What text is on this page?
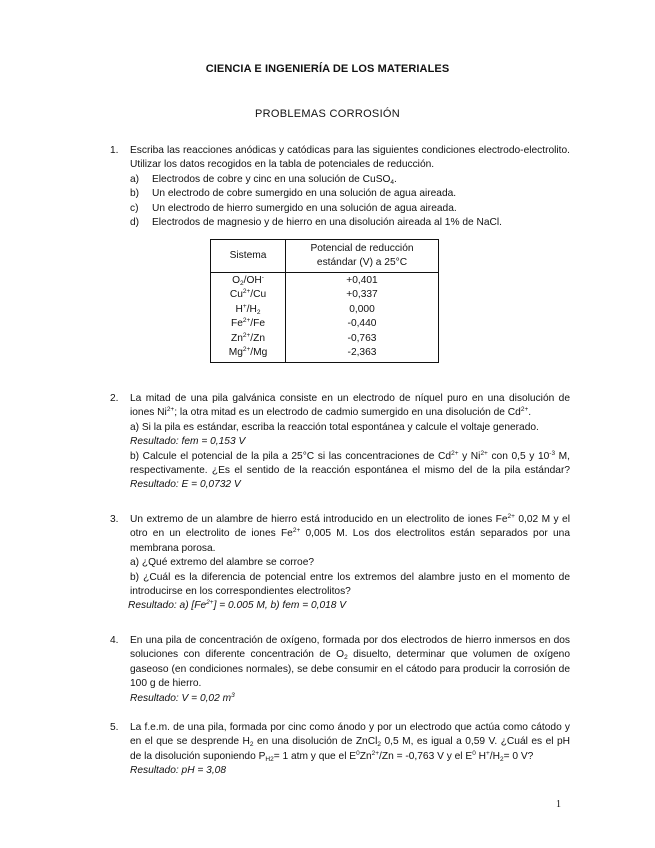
CIENCIA E INGENIERÍA DE LOS MATERIALES
PROBLEMAS CORROSIÓN
1. Escriba las reacciones anódicas y catódicas para las siguientes condiciones electrodo-electrolito. Utilizar los datos recogidos en la tabla de potenciales de reducción.
a) Electrodos de cobre y cinc en una solución de CuSO$_4$.
b) Un electrodo de cobre sumergido en una solución de agua aireada.
c) Un electrodo de hierro sumergido en una solución de agua aireada.
d) Electrodos de magnesio y de hierro en una disolución aireada al 1% de NaCl.
Sistema	Potencial de reducción
estándar (V) a 25°C
$O_2/OH^-$	+0,401
$Cu^{2+}/Cu$	+0,337
$H^+/H_2$	0,000
$Fe^{2+}/Fe$	-0,440
$Zn^{2+}/Zn$	-0,763
$Mg^{2+}/Mg$	-2,363
2. La mitad de una pila galvánica consiste en un electrodo de níquel puro en una disolución de iones $Ni^{2+}$; la otra mitad es un electrodo de cadmio sumergido en una disolución de $Cd^{2+}$.
a) Si la pila es estándar, escriba la reacción total espontánea y calcule el voltaje generado.
Resultado: fem = 0,153 V
b) Calcule el potencial de la pila a 25°C si las concentraciones de $Cd^{2+}$ y $Ni^{2+}$ con 0,5 y $10^{-3}$ M, respectivamente. ¿Es el sentido de la reacción espontánea el mismo del de la pila estándar? Resultado: E = 0,0732 V
3. Un extremo de un alambre de hierro está introducido en un electrolito de iones $Fe^{2+}$ 0,02 M y el otro en un electrolito de iones $Fe^{2+}$ 0,005 M. Los dos electrolitos están separados por una membrana porosa.
a) ¿Qué extremo del alambre se corroe?
b) ¿Cuál es la diferencia de potencial entre los extremos del alambre justo en el momento de introducirse en los correspondientes electrolitos?
Resultado: a) $[Fe^{2+}] = 0.005$ M, b) fem = 0,018 V
4. En una pila de concentración de oxígeno, formada por dos electrodos de hierro inmersos en dos soluciones con diferente concentración de $O_2$ disuelto, determinar que volumen de oxígeno gaseoso (en condiciones normales), se debe consumir en el cátodo para producir la corrosión de 100 g de hierro.
Resultado: V = 0,02 $m^3$
5. La f.e.m. de una pila, formada por cinc como ánodo y por un electrodo que actúa como cátodo y en el que se desprende $H_2$ en una disolución de ZnCl$_2$ 0,5 M, es igual a 0,59 V. ¿Cuál es el pH de la disolución suponiendo $P_{H2}= 1$ atm y que el $E^0Zn^{2+}/Zn = -0,763$ V y el $E^0$ $H^+/H_2= 0$ V?
Resultado: pH = 3,08
1
